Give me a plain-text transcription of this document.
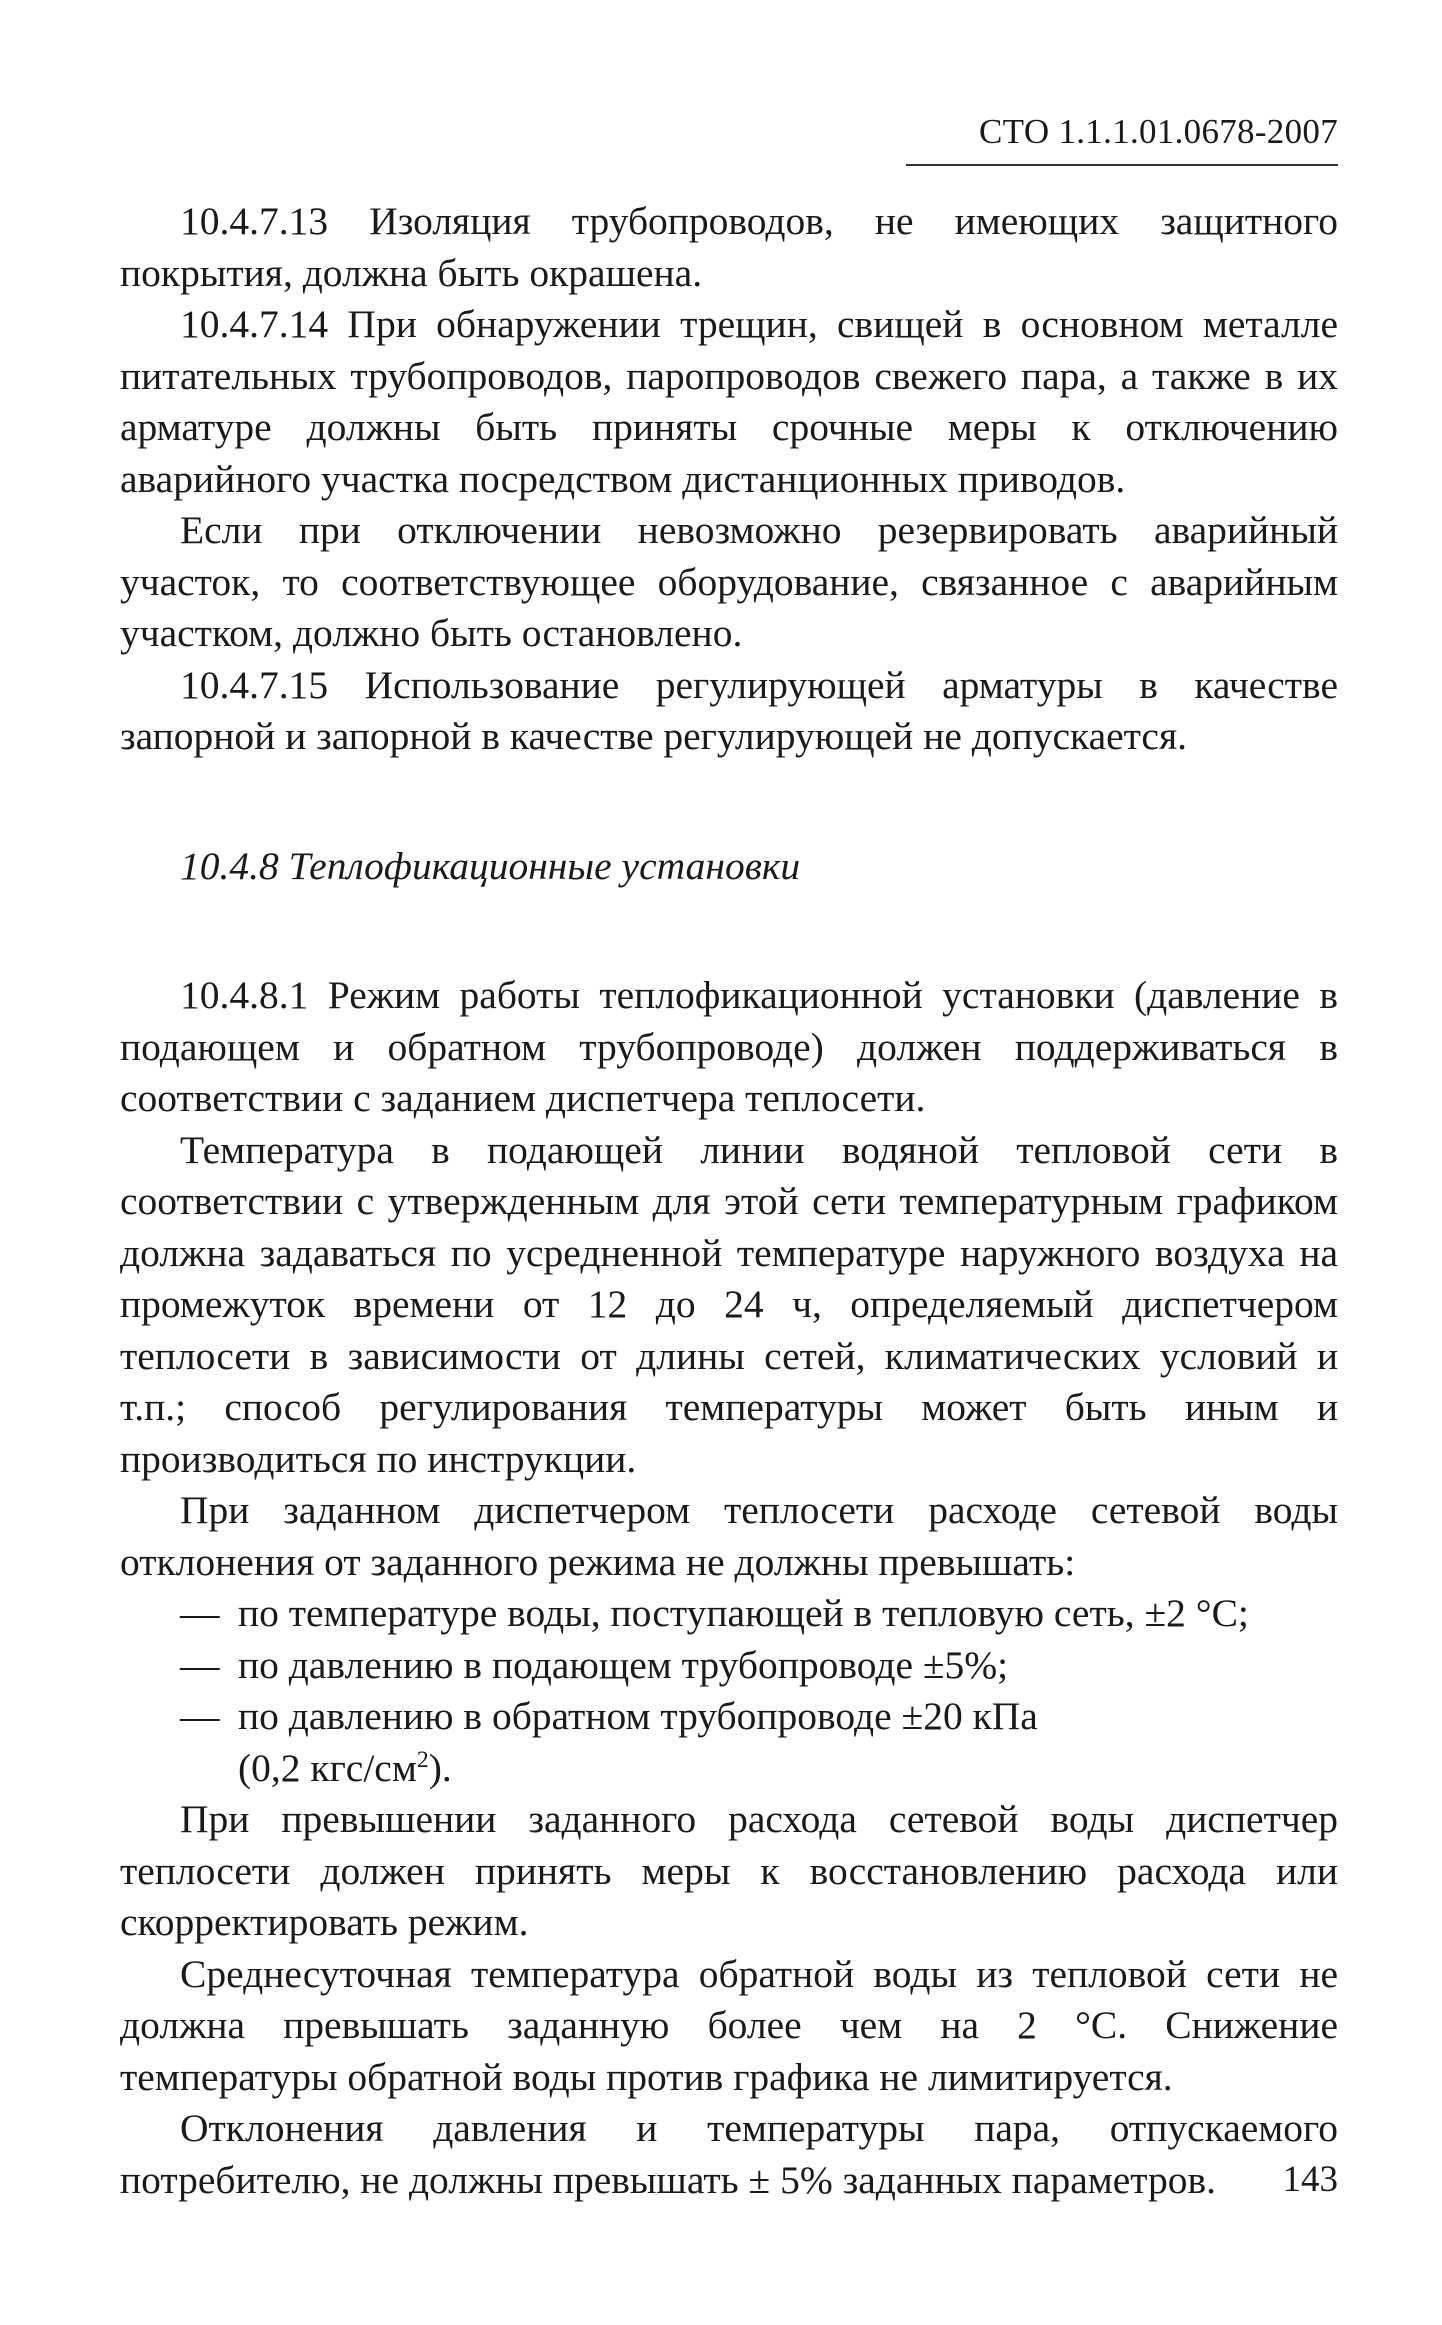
СТО 1.1.1.01.0678-2007

10.4.7.13 Изоляция трубопроводов, не имеющих защитного покрытия, должна быть окрашена.

10.4.7.14 При обнаружении трещин, свищей в основном металле питательных трубопроводов, паропроводов свежего пара, а также в их арматуре должны быть приняты срочные меры к отключению аварийного участка посредством дистанционных приводов.

Если при отключении невозможно резервировать аварийный участок, то соответствующее оборудование, связанное с аварийным участком, должно быть остановлено.

10.4.7.15 Использование регулирующей арматуры в качестве запорной и запорной в качестве регулирующей не допускается.

10.4.8 Теплофикационные установки

10.4.8.1 Режим работы теплофикационной установки (давление в подающем и обратном трубопроводе) должен поддерживаться в соответствии с заданием диспетчера теплосети.

Температура в подающей линии водяной тепловой сети в соответствии с утвержденным для этой сети температурным графиком должна задаваться по усредненной температуре наружного воздуха на промежуток времени от 12 до 24 ч, определяемый диспетчером теплосети в зависимости от длины сетей, климатических условий и т.п.; способ регулирования температуры может быть иным и производиться по инструкции.

При заданном диспетчером теплосети расходе сетевой воды отклонения от заданного режима не должны превышать:

— по температуре воды, поступающей в тепловую сеть, ±2 °С;
— по давлению в подающем трубопроводе ±5%;
— по давлению в обратном трубопроводе ±20 кПа
(0,2 кгс/$см^2$).

При превышении заданного расхода сетевой воды диспетчер теплосети должен принять меры к восстановлению расхода или скорректировать режим.

Среднесуточная температура обратной воды из тепловой сети не должна превышать заданную более чем на 2 °С. Снижение температуры обратной воды против графика не лимитируется.

Отклонения давления и температуры пара, отпускаемого потребителю, не должны превышать ± 5% заданных параметров.	143
